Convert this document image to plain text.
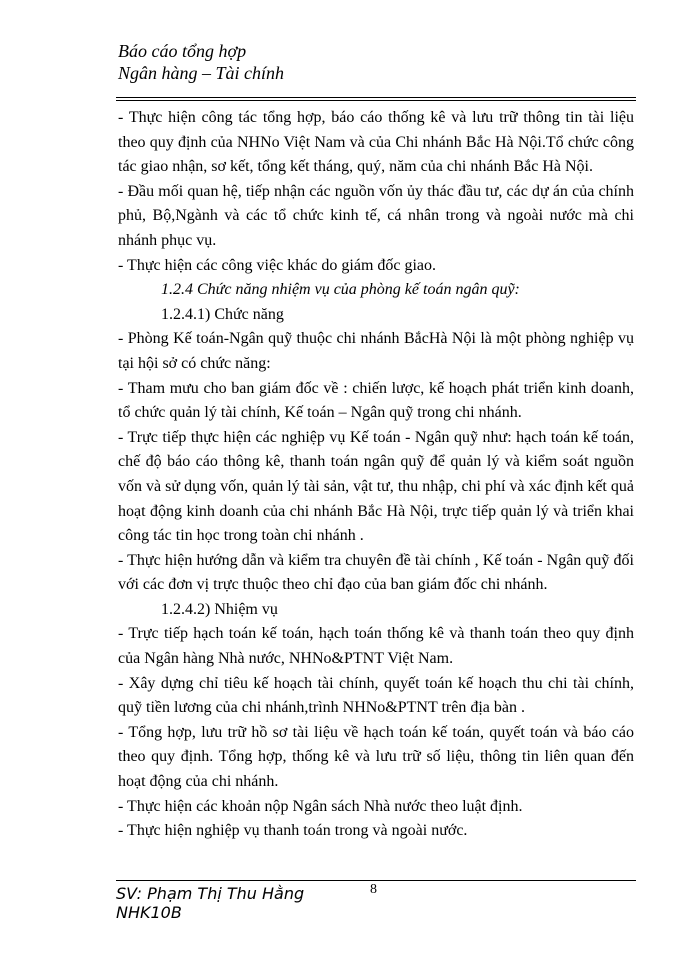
Báo cáo tổng hợp
Ngân hàng – Tài chính

- Thực hiện công tác tổng hợp, báo cáo thống kê và lưu trữ thông tin tài liệu theo quy định của NHNo Việt Nam và của Chi nhánh Bắc Hà Nội.Tổ chức công tác giao nhận, sơ kết, tổng kết tháng, quý, năm của chi nhánh Bắc Hà Nội.

- Đầu mối quan hệ, tiếp nhận các nguồn vốn ủy thác đầu tư, các dự án của chính phủ, Bộ,Ngành và các tổ chức kinh tế, cá nhân trong và ngoài nước mà chi nhánh phục vụ.

- Thực hiện các công việc khác do giám đốc giao.

1.2.4 Chức năng nhiệm vụ của phòng kế toán ngân quỹ:

1.2.4.1) Chức năng

- Phòng Kế toán-Ngân quỹ thuộc chi nhánh BắcHà Nội là một phòng nghiệp vụ tại hội sở có chức năng:

- Tham mưu cho ban giám đốc về : chiến lược, kế hoạch phát triển kinh doanh, tổ chức quản lý tài chính, Kế toán – Ngân quỹ trong chi nhánh.

- Trực tiếp thực hiện các nghiệp vụ Kế toán - Ngân quỹ như: hạch toán kế toán, chế độ báo cáo thông kê, thanh toán ngân quỹ để quản lý và kiểm soát nguồn vốn và sử dụng vốn, quản lý tài sản, vật tư, thu nhập, chi phí và xác định kết quả hoạt động kinh doanh của chi nhánh Bắc Hà Nội, trực tiếp quản lý và triển khai công tác tin học trong toàn chi nhánh .

- Thực hiện hướng dẫn và kiểm tra chuyên đề tài chính , Kế toán - Ngân quỹ đối với các đơn vị trực thuộc theo chỉ đạo của ban giám đốc chi nhánh.

1.2.4.2) Nhiệm vụ

- Trực tiếp hạch toán kế toán, hạch toán thống kê và thanh toán theo quy định của Ngân hàng Nhà nước, NHNo&PTNT Việt Nam.

- Xây dựng chỉ tiêu kế hoạch tài chính, quyết toán kế hoạch thu chi tài chính, quỹ tiền lương của chi nhánh,trình NHNo&PTNT trên địa bàn .

- Tổng hợp, lưu trữ hồ sơ tài liệu về hạch toán kế toán, quyết toán và báo cáo theo quy định. Tổng hợp, thống kê và lưu trữ số liệu, thông tin liên quan đến hoạt động của chi nhánh.

- Thực hiện các khoản nộp Ngân sách Nhà nước theo luật định.

- Thực hiện nghiệp vụ thanh toán trong và ngoài nước.

SV: Phạm Thị Thu Hằng
NHK10B
8
